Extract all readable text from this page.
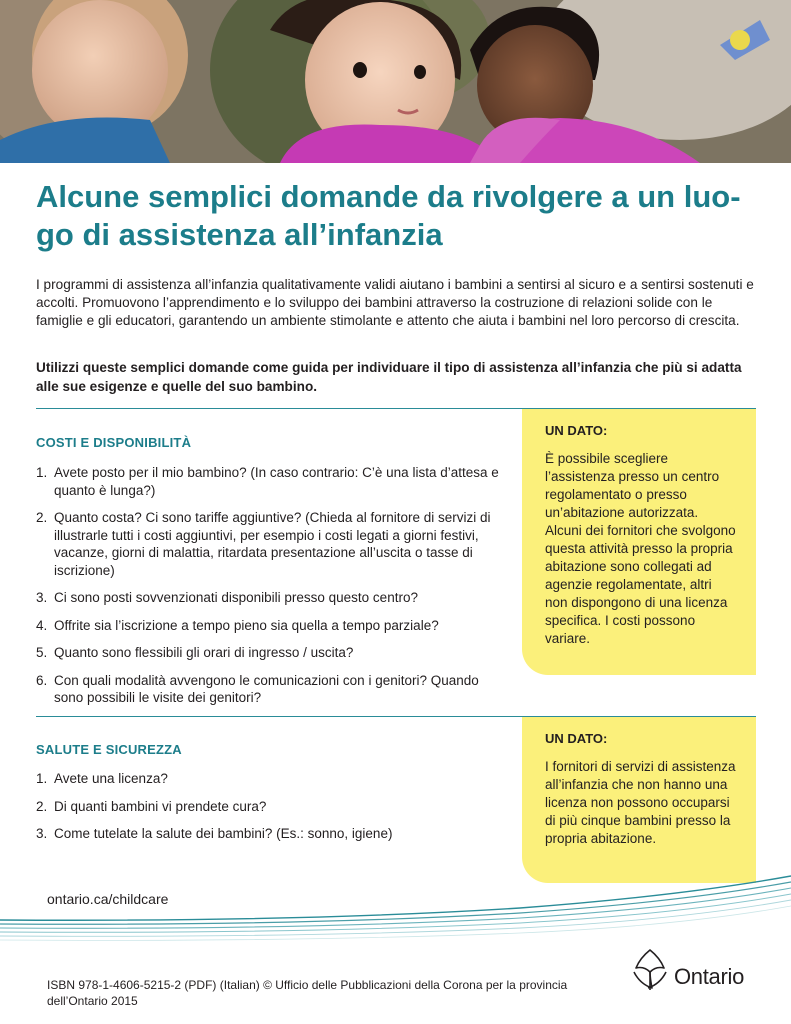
Alcune semplici domande da rivolgere a un luo-
go di assistenza all’infanzia

I programmi di assistenza all’infanzia qualitativamente validi aiutano i bambini a sentirsi al sicuro e a sentirsi sostenuti e accolti. Promuovono l’apprendimento e lo sviluppo dei bambini attraverso la costruzione di relazioni solide con le famiglie e gli educatori, garantendo un ambiente stimolante e attento che aiuta i bambini nel loro percorso di crescita.

Utilizzi queste semplici domande come guida per individuare il tipo di assistenza all’infanzia che più si adatta alle sue esigenze e quelle del suo bambino.

COSTI E DISPONIBILITÀ
1. Avete posto per il mio bambino? (In caso contrario: C’è una lista d’attesa e quanto è lunga?)
2. Quanto costa? Ci sono tariffe aggiuntive? (Chieda al fornitore di servizi di illustrarle tutti i costi aggiuntivi, per esempio i costi legati a giorni festivi, vacanze, giorni di malattia, ritardata presentazione all’uscita o tasse di iscrizione)
3. Ci sono posti sovvenzionati disponibili presso questo centro?
4. Offrite sia l’iscrizione a tempo pieno sia quella a tempo parziale?
5. Quanto sono flessibili gli orari di ingresso / uscita?
6. Con quali modalità avvengono le comunicazioni con i genitori? Quando sono possibili le visite dei genitori?

UN DATO:

È possibile scegliere l’assistenza presso un centro regolamentato o presso un’abitazione autorizzata. Alcuni dei fornitori che svolgono questa attività presso la propria abitazione sono collegati ad agenzie regolamentate, altri non dispongono di una licenza specifica. I costi possono variare.

SALUTE E SICUREZZA
1. Avete una licenza?
2. Di quanti bambini vi prendete cura?
3. Come tutelate la salute dei bambini? (Es.: sonno, igiene)

UN DATO:

I fornitori di servizi di assistenza all’infanzia che non hanno una licenza non possono occuparsi di più cinque bambini presso la propria abitazione.

ontario.ca/childcare

ISBN 978-1-4606-5215-2 (PDF) (Italian) © Ufficio delle Pubblicazioni della Corona per la provincia dell’Ontario 2015

Ontario
